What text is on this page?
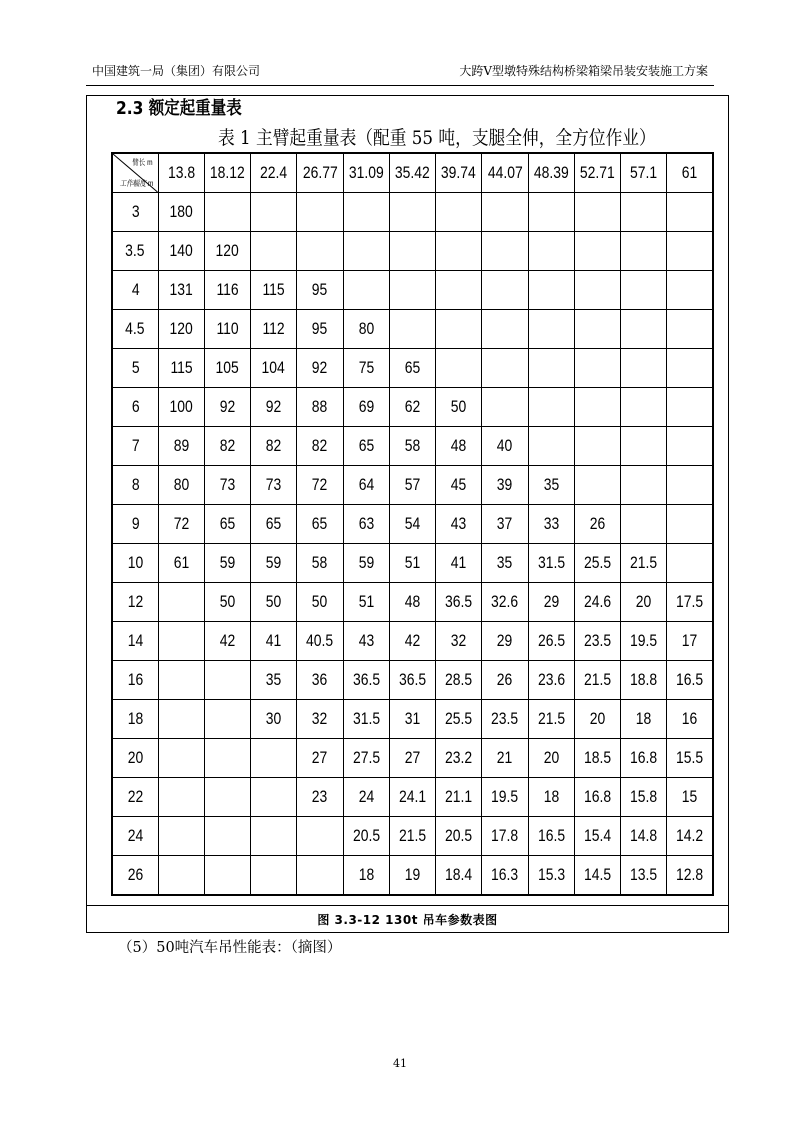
中国建筑一局（集团）有限公司	大跨V型墩特殊结构桥梁箱梁吊装安装施工方案
图 3.3-12 130t 吊车参数表图
2.3 额定起重量表
表 1 主臂起重量表（配重 55 吨，支腿全伸，全方位作业）
臂长 m
工作幅度 m	13.8	18.12	22.4	26.77	31.09	35.42	39.74	44.07	48.39	52.71	57.1	61
3	180											
3.5	140	120										
4	131	116	115	95								
4.5	120	110	112	95	80							
5	115	105	104	92	75	65						
6	100	92	92	88	69	62	50					
7	89	82	82	82	65	58	48	40				
8	80	73	73	72	64	57	45	39	35			
9	72	65	65	65	63	54	43	37	33	26		
10	61	59	59	58	59	51	41	35	31.5	25.5	21.5	
12		50	50	50	51	48	36.5	32.6	29	24.6	20	17.5
14		42	41	40.5	43	42	32	29	26.5	23.5	19.5	17
16			35	36	36.5	36.5	28.5	26	23.6	21.5	18.8	16.5
18			30	32	31.5	31	25.5	23.5	21.5	20	18	16
20				27	27.5	27	23.2	21	20	18.5	16.8	15.5
22				23	24	24.1	21.1	19.5	18	16.8	15.8	15
24					20.5	21.5	20.5	17.8	16.5	15.4	14.8	14.2
26					18	19	18.4	16.3	15.3	14.5	13.5	12.8
（5）50吨汽车吊性能表：（摘图）
41
